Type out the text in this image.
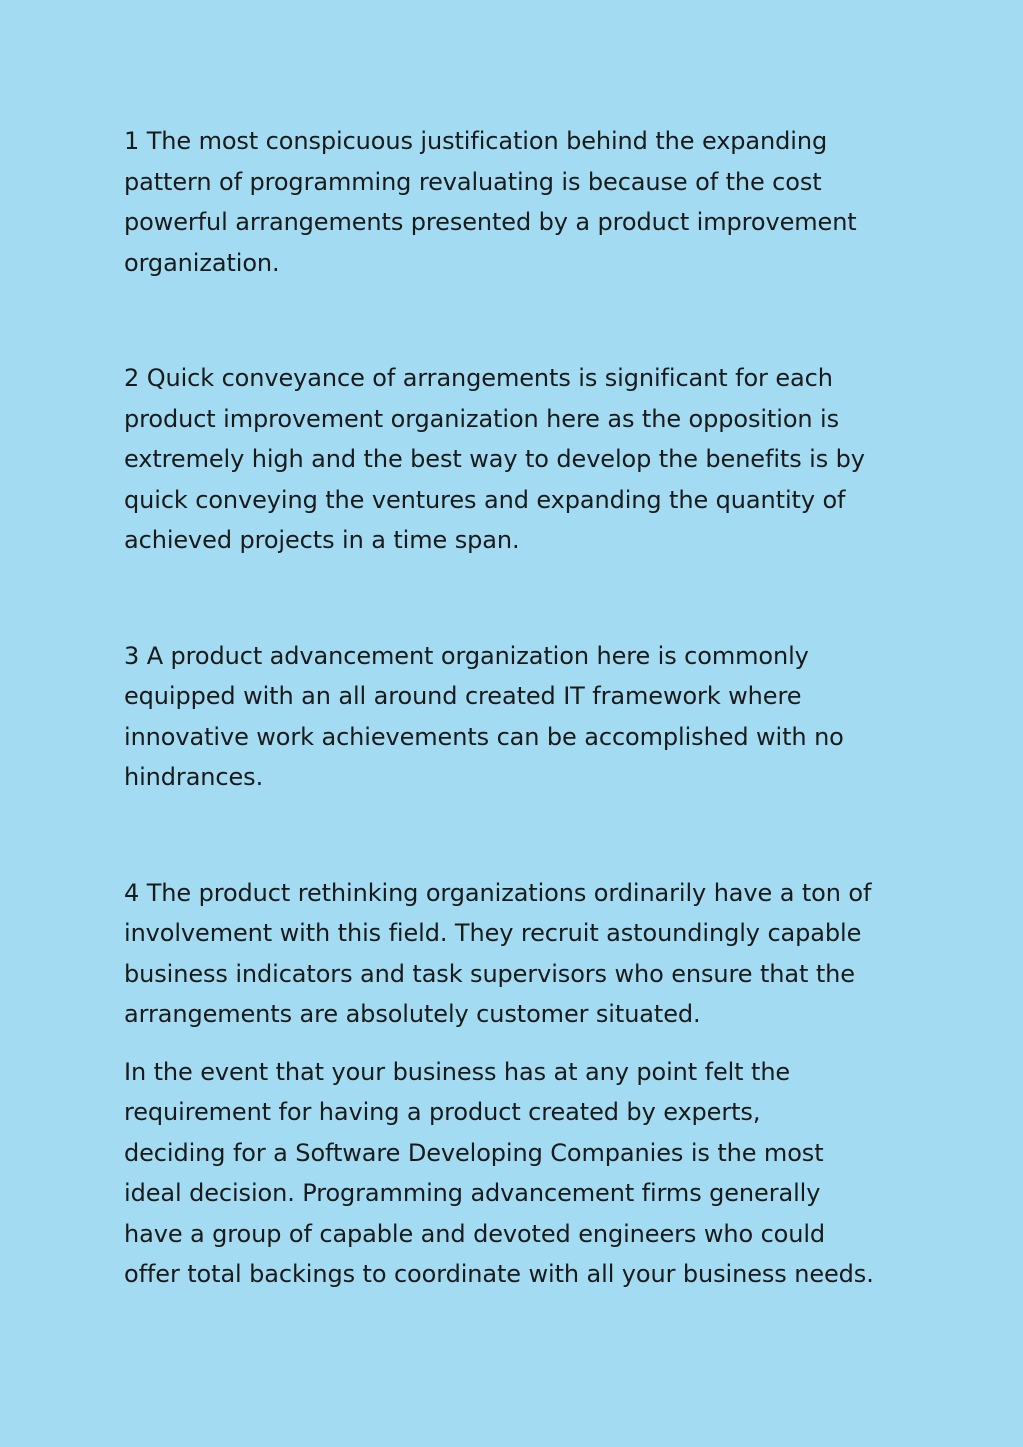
1 The most conspicuous justification behind the expanding
pattern of programming revaluating is because of the cost
powerful arrangements presented by a product improvement
organization.

2 Quick conveyance of arrangements is significant for each
product improvement organization here as the opposition is
extremely high and the best way to develop the benefits is by
quick conveying the ventures and expanding the quantity of
achieved projects in a time span.

3 A product advancement organization here is commonly
equipped with an all around created IT framework where
innovative work achievements can be accomplished with no
hindrances.

4 The product rethinking organizations ordinarily have a ton of
involvement with this field. They recruit astoundingly capable
business indicators and task supervisors who ensure that the
arrangements are absolutely customer situated.

In the event that your business has at any point felt the
requirement for having a product created by experts,
deciding for a Software Developing Companies is the most
ideal decision. Programming advancement firms generally
have a group of capable and devoted engineers who could
offer total backings to coordinate with all your business needs.
